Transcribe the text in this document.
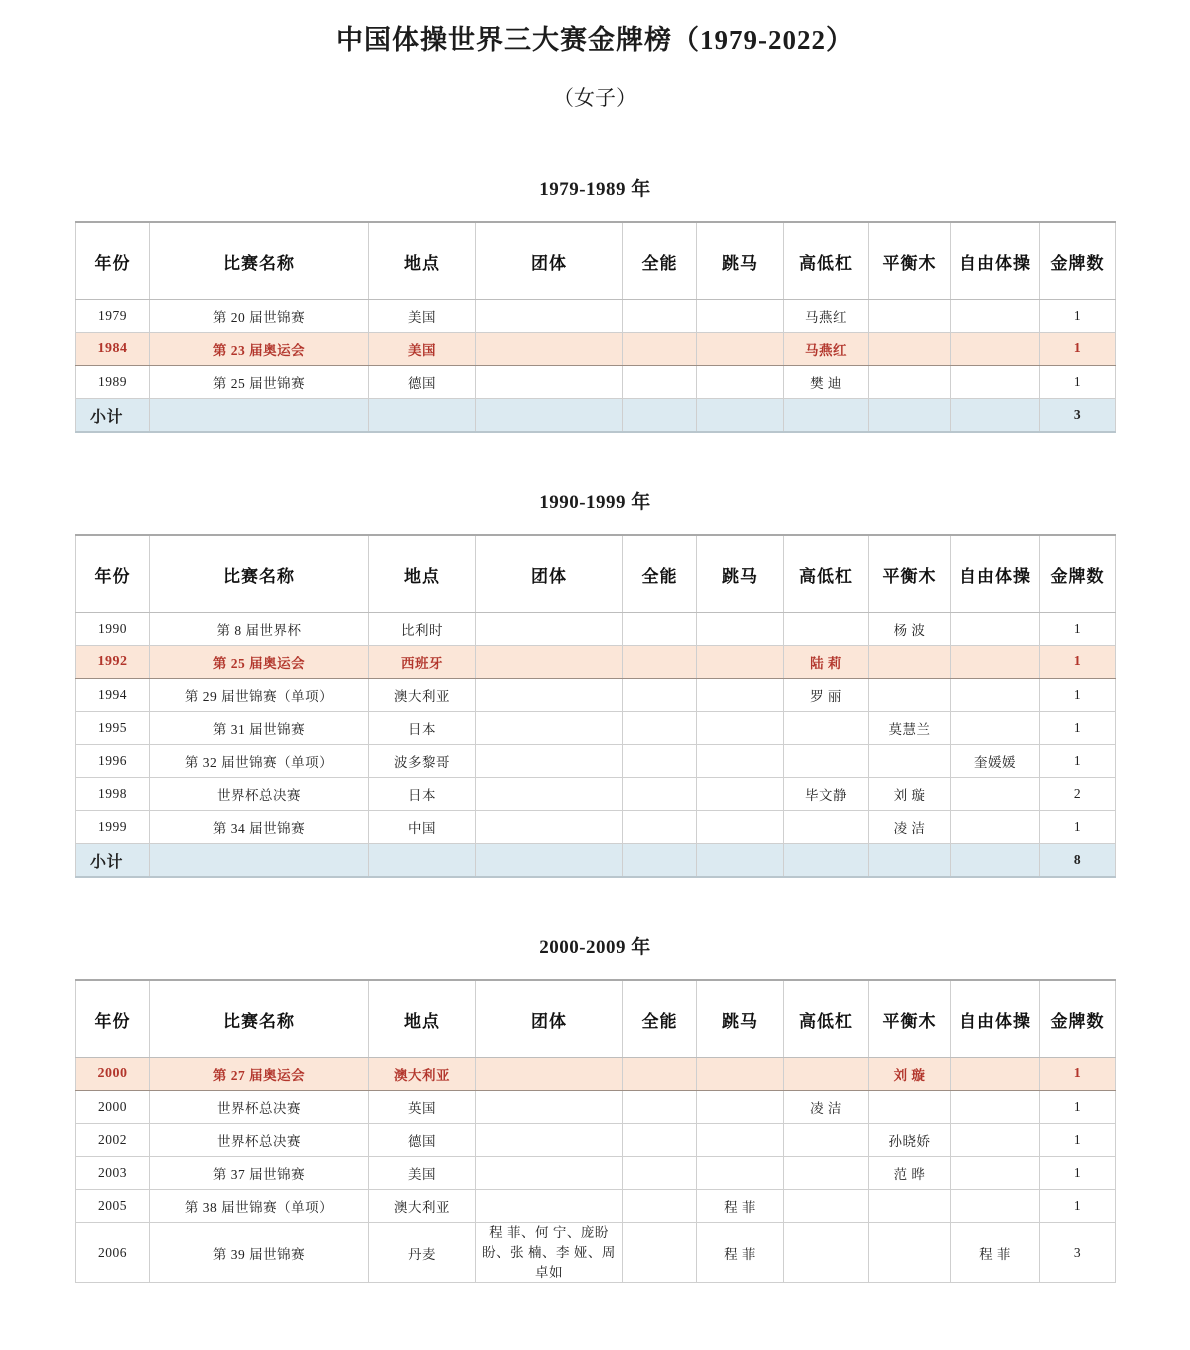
中国体操世界三大赛金牌榜（1979-2022）
（女子）
1979-1989 年
年份	比赛名称	地点	团体	全能	跳马	高低杠	平衡木	自由体操	金牌数
1979	第 20 届世锦赛	美国				马燕红			1
1984	第 23 届奥运会	美国				马燕红			1
1989	第 25 届世锦赛	德国				樊 迪			1
小计									3
1990-1999 年
年份	比赛名称	地点	团体	全能	跳马	高低杠	平衡木	自由体操	金牌数
1990	第 8 届世界杯	比利时					杨 波		1
1992	第 25 届奥运会	西班牙				陆 莉			1
1994	第 29 届世锦赛（单项）	澳大利亚				罗 丽			1
1995	第 31 届世锦赛	日本					莫慧兰		1
1996	第 32 届世锦赛（单项）	波多黎哥						奎媛媛	1
1998	世界杯总决赛	日本				毕文静	刘 璇		2
1999	第 34 届世锦赛	中国					凌 洁		1
小计									8
2000-2009 年
年份	比赛名称	地点	团体	全能	跳马	高低杠	平衡木	自由体操	金牌数
2000	第 27 届奥运会	澳大利亚					刘 璇		1
2000	世界杯总决赛	英国				凌 洁			1
2002	世界杯总决赛	德国					孙晓娇		1
2003	第 37 届世锦赛	美国					范 晔		1
2005	第 38 届世锦赛（单项）	澳大利亚			程 菲				1
2006	第 39 届世锦赛	丹麦	程 菲、何 宁、庞盼盼、张 楠、李 娅、周卓如		程 菲			程 菲	3
